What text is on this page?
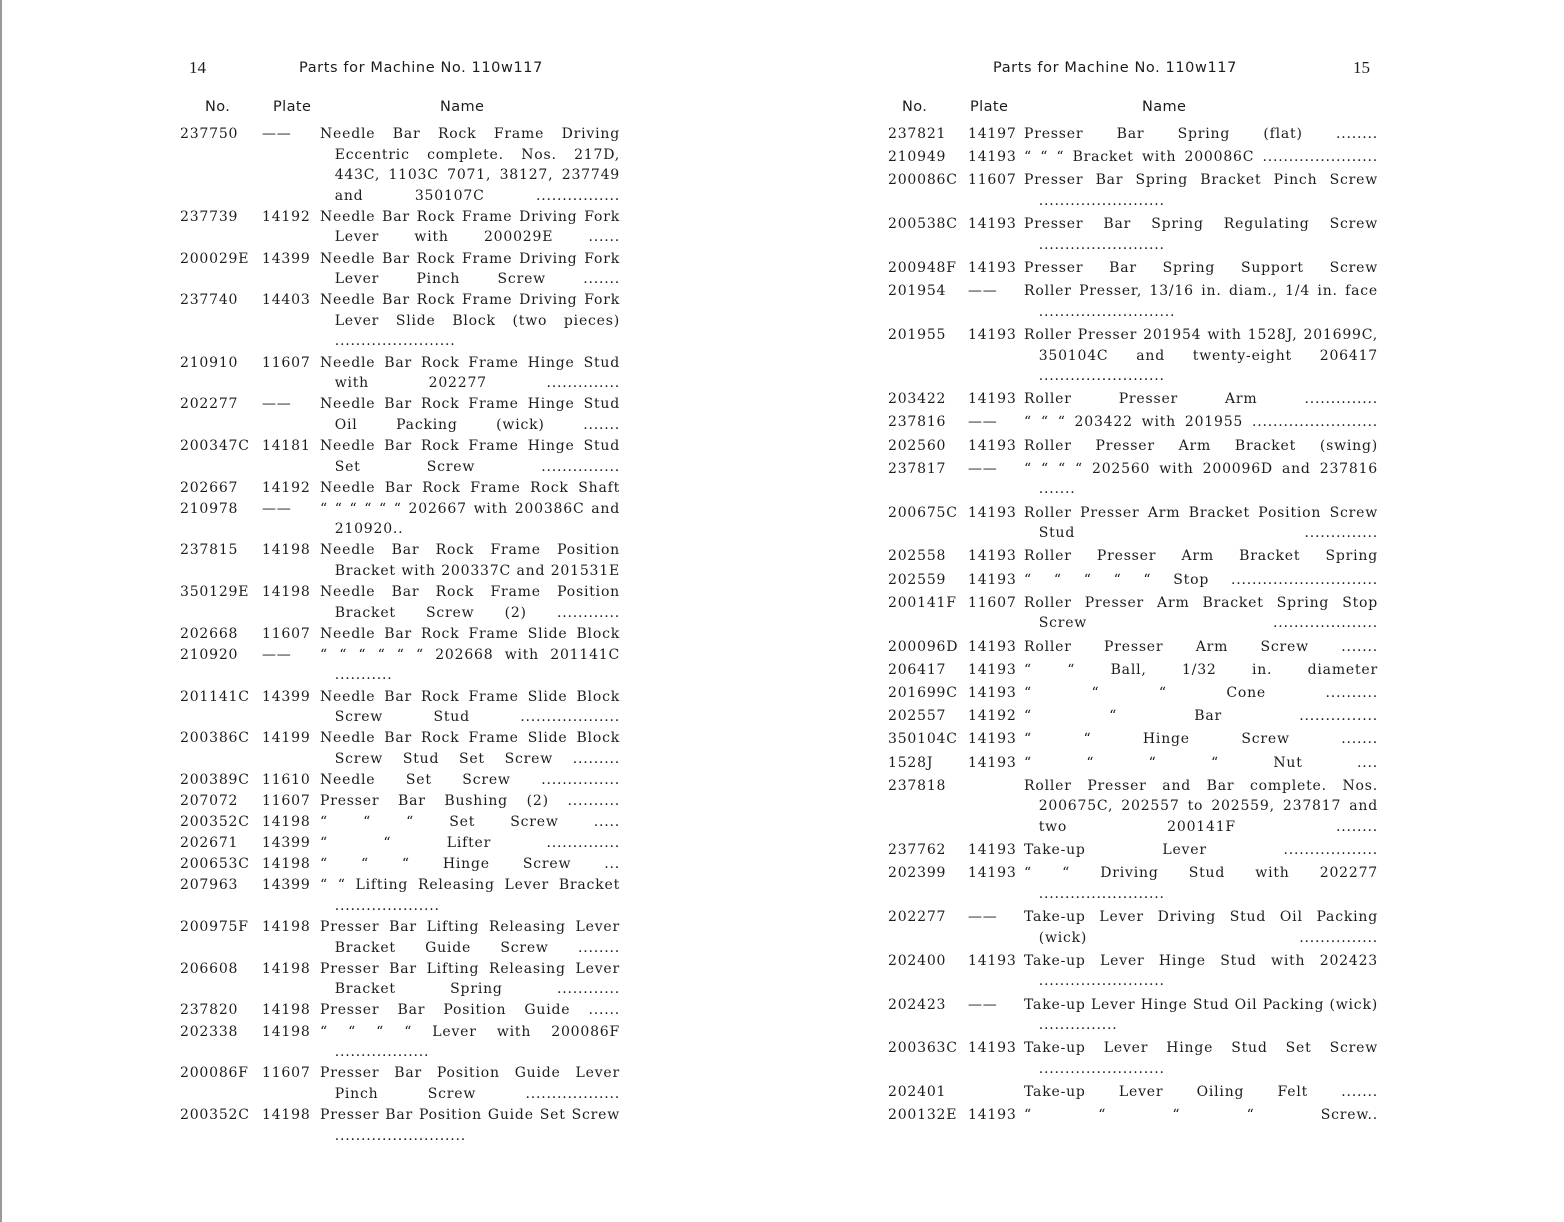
14	Parts for Machine No. 110w117
No.	Plate	Name
237750	——	Needle Bar Rock Frame Driving Eccentric complete. Nos. 217D, 443C, 1103C 7071, 38127, 237749 and 350107C ................
237739	14192 Needle Bar Rock Frame Driving Fork Lever with 200029E ......
200029E 14399 Needle Bar Rock Frame Driving Fork Lever Pinch Screw .......
237740	14403 Needle Bar Rock Frame Driving Fork Lever Slide Block (two pieces) .......................
210910	11607 Needle Bar Rock Frame Hinge Stud with 202277 ..............
202277	——	Needle Bar Rock Frame Hinge Stud Oil Packing (wick) .......
200347C 14181 Needle Bar Rock Frame Hinge Stud Set Screw ...............
202667	14192 Needle Bar Rock Frame Rock Shaft
210978	——	“ “ “ “ “ “ 202667 with 200386C and 210920..
237815	14198 Needle Bar Rock Frame Position Bracket with 200337C and 201531E
350129E 14198 Needle Bar Rock Frame Position Bracket Screw (2) ............
202668	11607 Needle Bar Rock Frame Slide Block
210920	——	“ “ “ “ “ “ 202668 with 201141C ...........
201141C 14399 Needle Bar Rock Frame Slide Block Screw Stud ...................
200386C 14199 Needle Bar Rock Frame Slide Block Screw Stud Set Screw .........
200389C 11610 Needle Set Screw ...............
207072	11607 Presser Bar Bushing (2) ..........
200352C 14198 “ “ “ Set Screw .....
202671	14399 “ “ Lifter ..............
200653C 14198 “ “ “ Hinge Screw ...
207963	14399 “ “ Lifting Releasing Lever Bracket ....................
200975F 14198 Presser Bar Lifting Releasing Lever Bracket Guide Screw ........
206608	14198 Presser Bar Lifting Releasing Lever Bracket Spring ............
237820	14198 Presser Bar Position Guide ......
202338	14198 “ “ “ “ Lever with 200086F ..................
200086F 11607 Presser Bar Position Guide Lever Pinch Screw ..................
200352C 14198 Presser Bar Position Guide Set Screw .........................
Parts for Machine No. 110w117	15
No.	Plate	Name
237821	14197 Presser Bar Spring (flat) ........
210949	14193 “ “ “ Bracket with 200086C ......................
200086C 11607 Presser Bar Spring Bracket Pinch Screw ........................
200538C 14193 Presser Bar Spring Regulating Screw ........................
200948F 14193 Presser Bar Spring Support Screw
201954	——	Roller Presser, 13/16 in. diam., 1/4 in. face ..........................
201955	14193 Roller Presser 201954 with 1528J, 201699C, 350104C and twenty-eight 206417 ........................
203422	14193 Roller Presser Arm ..............
237816	——	“ “ “ 203422 with 201955 ........................
202560	14193 Roller Presser Arm Bracket (swing)
237817	——	“ “ “ “ 202560 with 200096D and 237816 .......
200675C 14193 Roller Presser Arm Bracket Position Screw Stud ..............
202558	14193 Roller Presser Arm Bracket Spring
202559	14193 “ “ “ “ “ Stop ............................
200141F 11607 Roller Presser Arm Bracket Spring Stop Screw ....................
200096D 14193 Roller Presser Arm Screw .......
206417	14193 “ “ Ball, 1/32 in. diameter
201699C 14193 “ “ “ Cone ..........
202557	14192 “ “ Bar ...............
350104C 14193 “ “ Hinge Screw .......
1528J	14193 “ “ “ “ Nut ....
237818	Roller Presser and Bar complete. Nos. 200675C, 202557 to 202559, 237817 and two 200141F ........
237762	14193 Take-up Lever ..................
202399	14193 “ “ Driving Stud with 202277 ........................
202277	——	Take-up Lever Driving Stud Oil Packing (wick) ...............
202400	14193 Take-up Lever Hinge Stud with 202423 ........................
202423	——	Take-up Lever Hinge Stud Oil Packing (wick) ...............
200363C 14193 Take-up Lever Hinge Stud Set Screw ........................
202401	Take-up Lever Oiling Felt .......
200132E 14193 “ “ “ “ Screw..
